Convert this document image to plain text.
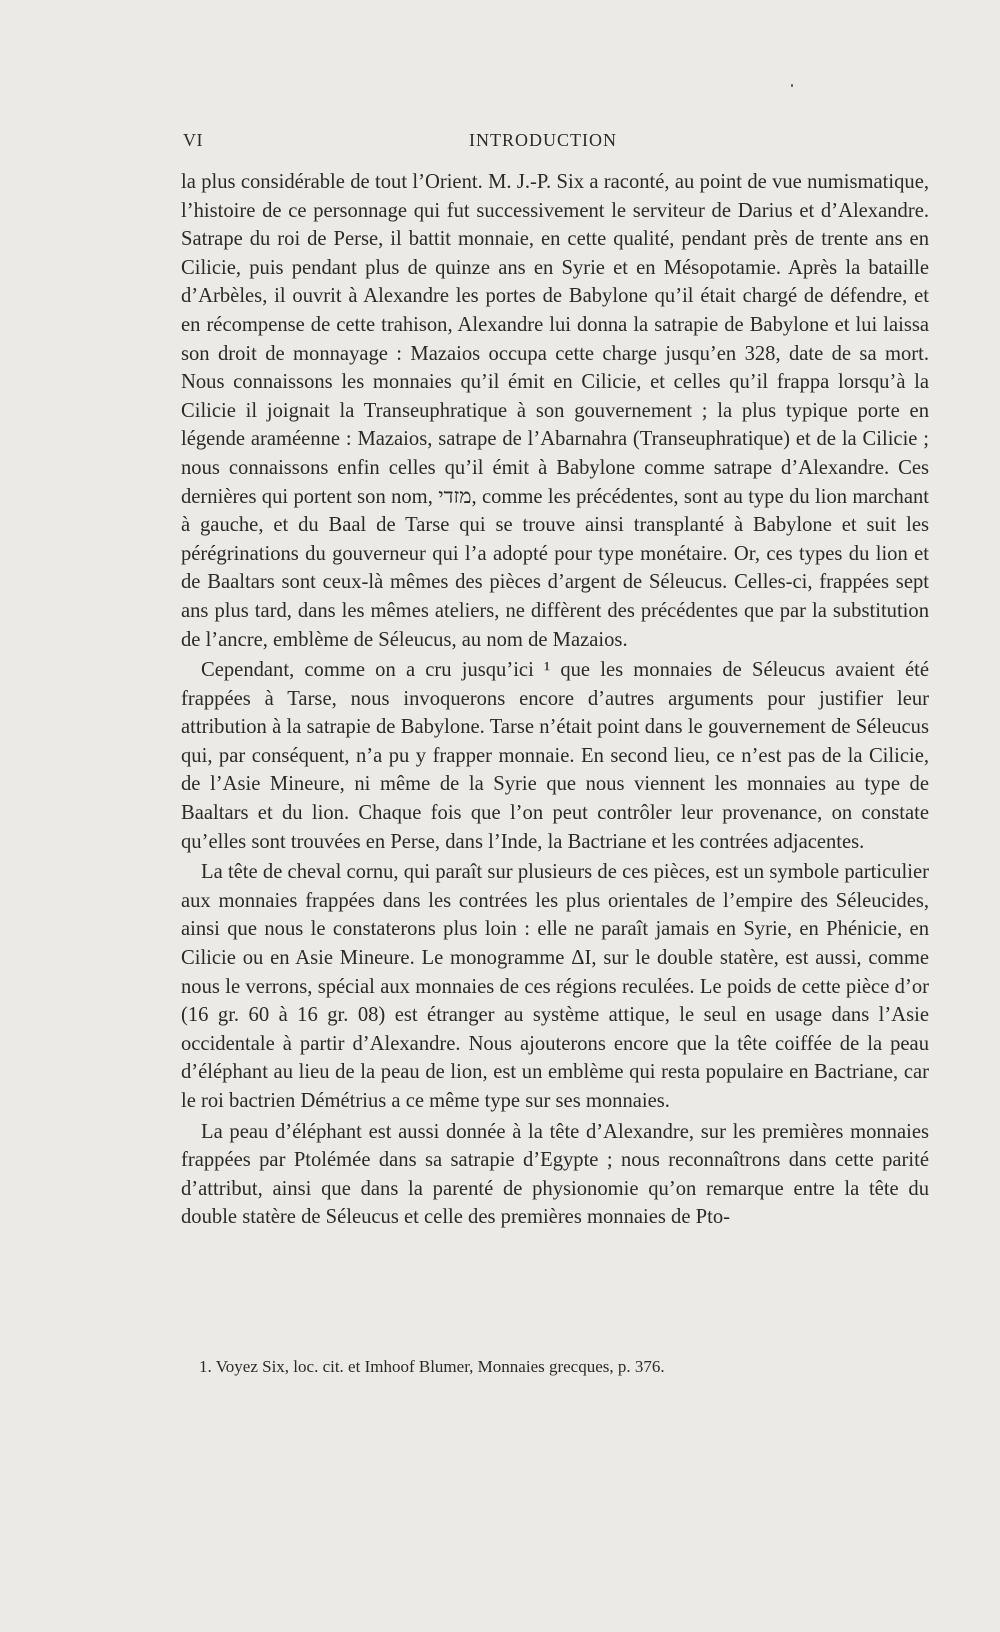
VI	INTRODUCTION

la plus considérable de tout l’Orient. M. J.-P. Six a raconté, au point de vue numismatique, l’histoire de ce personnage qui fut successivement le serviteur de Darius et d’Alexandre. Satrape du roi de Perse, il battit monnaie, en cette qualité, pendant près de trente ans en Cilicie, puis pendant plus de quinze ans en Syrie et en Mésopotamie. Après la bataille d’Arbèles, il ouvrit à Alexandre les portes de Babylone qu’il était chargé de défendre, et en récompense de cette trahison, Alexandre lui donna la satrapie de Babylone et lui laissa son droit de monnayage : Mazaios occupa cette charge jusqu’en 328, date de sa mort. Nous connaissons les monnaies qu’il émit en Cilicie, et celles qu’il frappa lorsqu’à la Cilicie il joignait la Transeuphratique à son gouvernement ; la plus typique porte en légende araméenne : Mazaios, satrape de l’Abarnahra (Transeuphratique) et de la Cilicie ; nous connaissons enfin celles qu’il émit à Babylone comme satrape d’Alexandre. Ces dernières qui portent son nom, מזדי, comme les précédentes, sont au type du lion marchant à gauche, et du Baal de Tarse qui se trouve ainsi transplanté à Babylone et suit les pérégrinations du gouverneur qui l’a adopté pour type monétaire. Or, ces types du lion et de Baaltars sont ceux-là mêmes des pièces d’argent de Séleucus. Celles-ci, frappées sept ans plus tard, dans les mêmes ateliers, ne diffèrent des précédentes que par la substitution de l’ancre, emblème de Séleucus, au nom de Mazaios.

Cependant, comme on a cru jusqu’ici ¹ que les monnaies de Séleucus avaient été frappées à Tarse, nous invoquerons encore d’autres arguments pour justifier leur attribution à la satrapie de Babylone. Tarse n’était point dans le gouvernement de Séleucus qui, par conséquent, n’a pu y frapper monnaie. En second lieu, ce n’est pas de la Cilicie, de l’Asie Mineure, ni même de la Syrie que nous viennent les monnaies au type de Baaltars et du lion. Chaque fois que l’on peut contrôler leur provenance, on constate qu’elles sont trouvées en Perse, dans l’Inde, la Bactriane et les contrées adjacentes.

La tête de cheval cornu, qui paraît sur plusieurs de ces pièces, est un symbole particulier aux monnaies frappées dans les contrées les plus orientales de l’empire des Séleucides, ainsi que nous le constaterons plus loin : elle ne paraît jamais en Syrie, en Phénicie, en Cilicie ou en Asie Mineure. Le monogramme ΔΙ, sur le double statère, est aussi, comme nous le verrons, spécial aux monnaies de ces régions reculées. Le poids de cette pièce d’or (16 gr. 60 à 16 gr. 08) est étranger au système attique, le seul en usage dans l’Asie occidentale à partir d’Alexandre. Nous ajouterons encore que la tête coiffée de la peau d’éléphant au lieu de la peau de lion, est un emblème qui resta populaire en Bactriane, car le roi bactrien Démétrius a ce même type sur ses monnaies.

La peau d’éléphant est aussi donnée à la tête d’Alexandre, sur les premières monnaies frappées par Ptolémée dans sa satrapie d’Egypte ; nous reconnaîtrons dans cette parité d’attribut, ainsi que dans la parenté de physionomie qu’on remarque entre la tête du double statère de Séleucus et celle des premières monnaies de Pto-

1. Voyez Six, loc. cit. et Imhoof Blumer, Monnaies grecques, p. 376.
